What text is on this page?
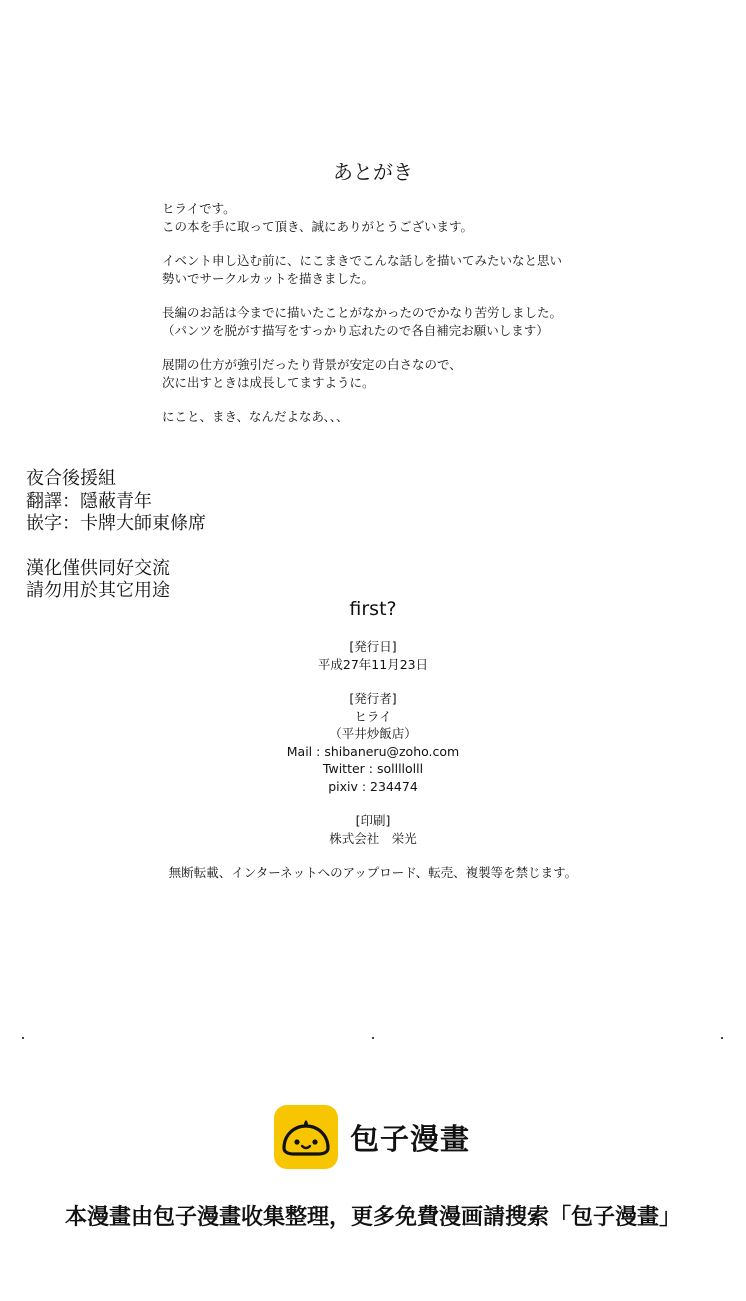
あとがき

ヒライです。
この本を手に取って頂き、誠にありがとうございます。

イベント申し込む前に、にこまきでこんな話しを描いてみたいなと思い
勢いでサークルカットを描きました。

長編のお話は今までに描いたことがなかったのでかなり苦労しました。
（パンツを脱がす描写をすっかり忘れたので各自補完お願いします）

展開の仕方が強引だったり背景が安定の白さなので、
次に出すときは成長してますように。

にこと、まき、なんだよなあ、、、

夜合後援組
翻譯：隱蔽青年
嵌字：卡牌大師東條席
漢化僅供同好交流
請勿用於其它用途
first?
[発行日]
平成27年11月23日
[発行者]
ヒライ
（平井炒飯店）
Mail : shibaneru@zoho.com
Twitter : sollllolll
pixiv : 234474
[印刷]
株式会社　栄光
無断転載、インターネットへのアップロード、転売、複製等を禁じます。
包子漫畫
本漫畫由包子漫畫收集整理，更多免費漫画請搜索「包子漫畫」
